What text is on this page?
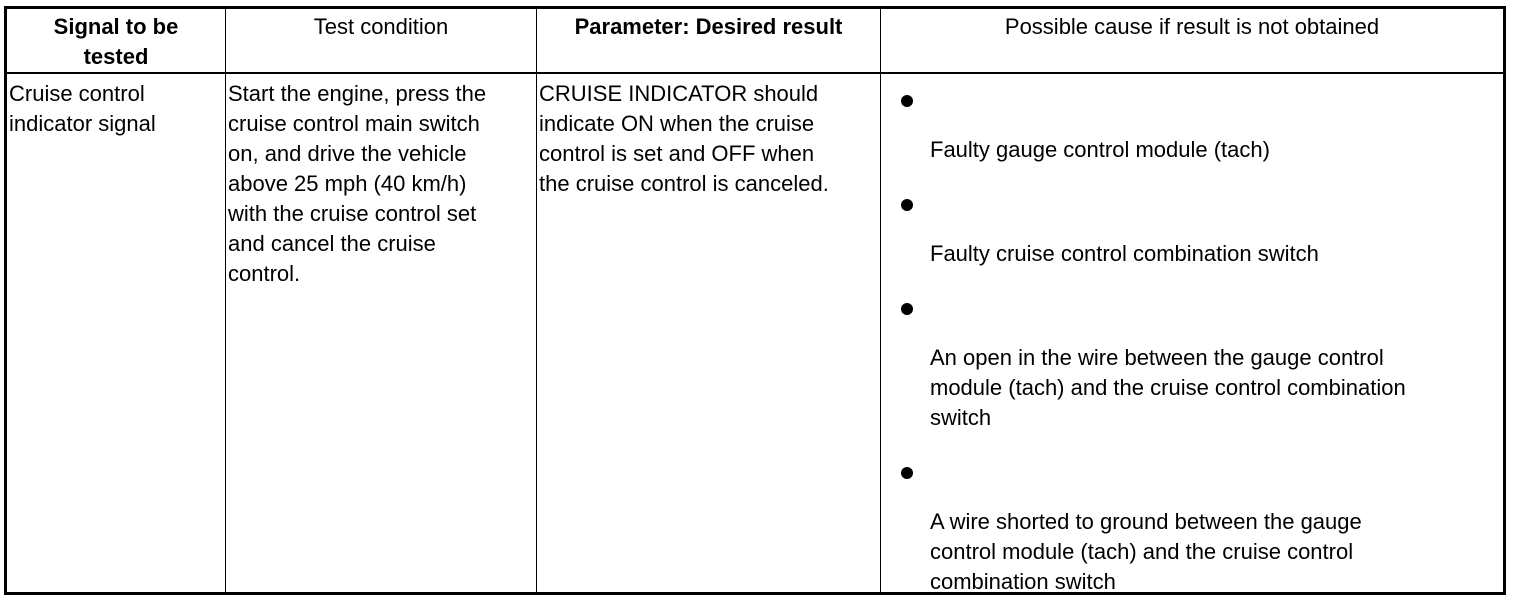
Signal to be
tested
Test condition	Parameter: Desired result	Possible cause if result is not obtained
Cruise control
indicator signal
Start the engine, press the
cruise control main switch
on, and drive the vehicle
above 25 mph (40 km/h)
with the cruise control set
and cancel the cruise
control.
CRUISE INDICATOR should
indicate ON when the cruise
control is set and OFF when
the cruise control is canceled.
Faulty gauge control module (tach)
Faulty cruise control combination switch
An open in the wire between the gauge control
module (tach) and the cruise control combination
switch
A wire shorted to ground between the gauge
control module (tach) and the cruise control
combination switch
